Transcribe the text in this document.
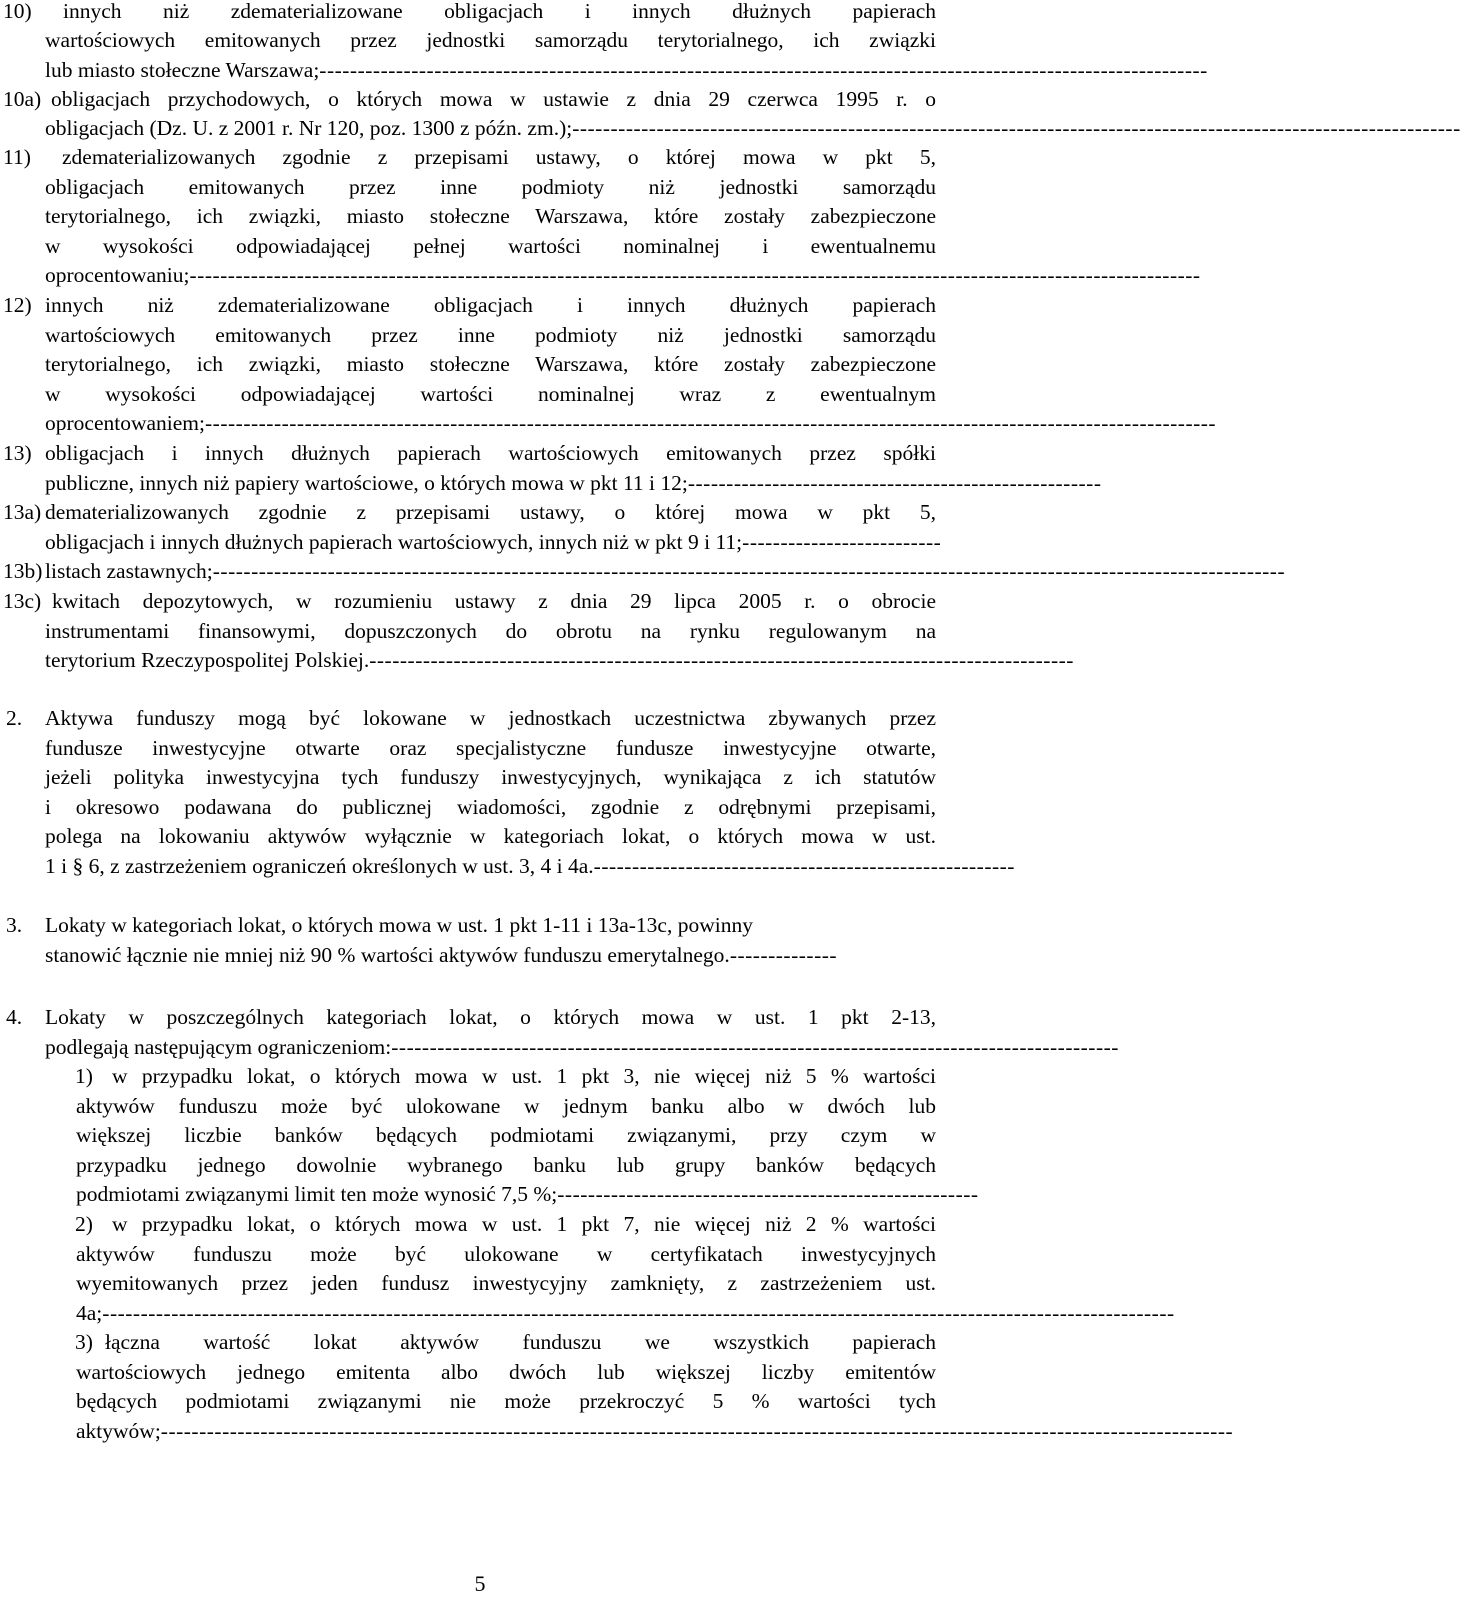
10) innych niż zdematerializowane obligacjach i innych dłużnych papierach
wartościowych emitowanych przez jednostki samorządu terytorialnego, ich związki
lub miasto stołeczne Warszawa; --------------------------------------------------------------------------------------------------------------------
10a) obligacjach przychodowych, o których mowa w ustawie z dnia 29 czerwca 1995 r. o
obligacjach (Dz. U. z 2001 r. Nr 120, poz. 1300 z późn. zm.); --------------------------------------------------------------------------------------------------------------------
11)	zdematerializowanych zgodnie z przepisami ustawy, o której mowa w pkt 5,
obligacjach emitowanych przez inne podmioty niż jednostki samorządu
terytorialnego, ich związki, miasto stołeczne Warszawa, które zostały zabezpieczone
w wysokości odpowiadającej pełnej wartości nominalnej i ewentualnemu
oprocentowaniu; ------------------------------------------------------------------------------------------------------------------------------------
12) innych niż zdematerializowane obligacjach i innych dłużnych papierach
wartościowych emitowanych przez inne podmioty niż jednostki samorządu
terytorialnego, ich związki, miasto stołeczne Warszawa, które zostały zabezpieczone
w wysokości odpowiadającej wartości nominalnej wraz z ewentualnym
oprocentowaniem; ------------------------------------------------------------------------------------------------------------------------------------
13) obligacjach i innych dłużnych papierach wartościowych emitowanych przez spółki
publiczne, innych niż papiery wartościowe, o których mowa w pkt 11 i 12; ------------------------------------------------------
13a) dematerializowanych zgodnie z przepisami ustawy, o której mowa w pkt 5,
obligacjach i innych dłużnych papierach wartościowych, innych niż w pkt 9 i 11; --------------------------
13b) listach zastawnych; --------------------------------------------------------------------------------------------------------------------------------------------
13c) kwitach depozytowych, w rozumieniu ustawy z dnia 29 lipca 2005 r. o obrocie
instrumentami finansowymi, dopuszczonych do obrotu na rynku regulowanym na
terytorium Rzeczypospolitej Polskiej. --------------------------------------------------------------------------------------------
2. Aktywa funduszy mogą być lokowane w jednostkach uczestnictwa zbywanych przez
fundusze inwestycyjne otwarte oraz specjalistyczne fundusze inwestycyjne otwarte,
jeżeli polityka inwestycyjna tych funduszy inwestycyjnych, wynikająca z ich statutów
i okresowo podawana do publicznej wiadomości, zgodnie z odrębnymi przepisami,
polega na lokowaniu aktywów wyłącznie w kategoriach lokat, o których mowa w ust.
1 i § 6, z zastrzeżeniem ograniczeń określonych w ust. 3, 4 i 4a. -------------------------------------------------------
3. Lokaty w kategoriach lokat, o których mowa w ust. 1 pkt 1-11 i 13a-13c, powinny
stanowić łącznie nie mniej niż 90 % wartości aktywów funduszu emerytalnego. --------------
4. Lokaty w poszczególnych kategoriach lokat, o których mowa w ust. 1 pkt 2-13,
podlegają następującym ograniczeniom: -----------------------------------------------------------------------------------------------
1) w przypadku lokat, o których mowa w ust. 1 pkt 3, nie więcej niż 5 % wartości
aktywów funduszu może być ulokowane w jednym banku albo w dwóch lub
większej liczbie banków będących podmiotami związanymi, przy czym w
przypadku jednego dowolnie wybranego banku lub grupy banków będących
podmiotami związanymi limit ten może wynosić 7,5 %; -------------------------------------------------------
2) w przypadku lokat, o których mowa w ust. 1 pkt 7, nie więcej niż 2 % wartości
aktywów funduszu może być ulokowane w certyfikatach inwestycyjnych
wyemitowanych przez jeden fundusz inwestycyjny zamknięty, z zastrzeżeniem ust.
4a; --------------------------------------------------------------------------------------------------------------------------------------------
3) łączna wartość lokat aktywów funduszu we wszystkich papierach
wartościowych jednego emitenta albo dwóch lub większej liczby emitentów
będących podmiotami związanymi nie może przekroczyć 5 % wartości tych
aktywów; --------------------------------------------------------------------------------------------------------------------------------------------
5
